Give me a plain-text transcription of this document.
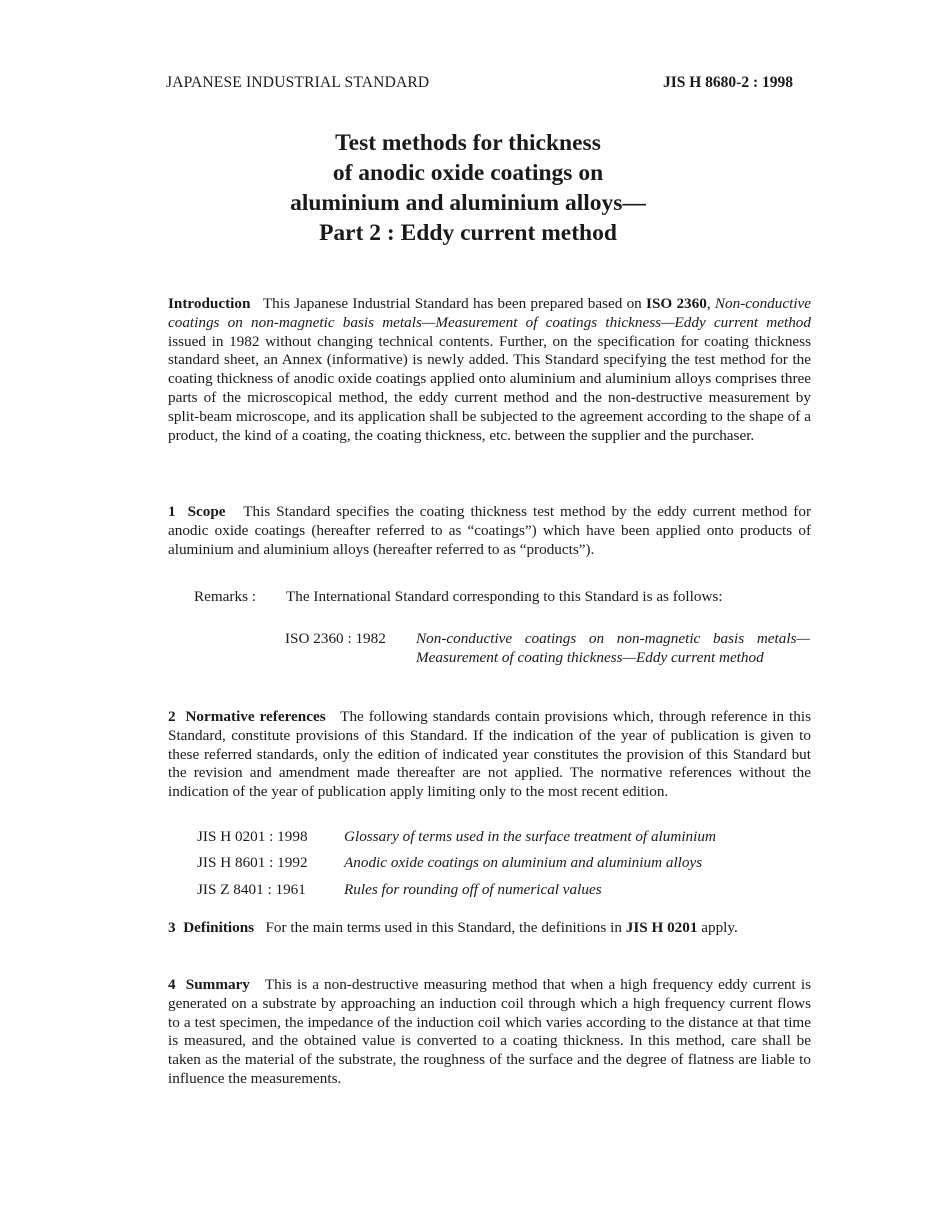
JAPANESE INDUSTRIAL STANDARD	JIS H 8680-2 : 1998
Test methods for thickness
of anodic oxide coatings on
aluminium and aluminium alloys—
Part 2 : Eddy current method

Introduction This Japanese Industrial Standard has been prepared based on ISO 2360, Non-conductive coatings on non-magnetic basis metals—Measurement of coatings thickness—Eddy current method issued in 1982 without changing technical contents. Further, on the specification for coating thickness standard sheet, an Annex (informative) is newly added. This Standard specifying the test method for the coating thickness of anodic oxide coatings applied onto aluminium and aluminium alloys comprises three parts of the microscopical method, the eddy current method and the non-destructive measurement by split-beam microscope, and its application shall be subjected to the agreement according to the shape of a product, the kind of a coating, the coating thickness, etc. between the supplier and the purchaser.

1 Scope This Standard specifies the coating thickness test method by the eddy current method for anodic oxide coatings (hereafter referred to as “coatings”) which have been applied onto products of aluminium and aluminium alloys (hereafter referred to as “products”).

Remarks : The International Standard corresponding to this Standard is as follows:
ISO 2360 : 1982 Non-conductive coatings on non-magnetic basis metals—Measurement of coating thickness—Eddy current method

2 Normative references The following standards contain provisions which, through reference in this Standard, constitute provisions of this Standard. If the indication of the year of publication is given to these referred standards, only the edition of indicated year constitutes the provision of this Standard but the revision and amendment made thereafter are not applied. The normative references without the indication of the year of publication apply limiting only to the most recent edition.

JIS H 0201 : 1998 Glossary of terms used in the surface treatment of aluminium
JIS H 8601 : 1992 Anodic oxide coatings on aluminium and aluminium alloys
JIS Z 8401 : 1961	Rules for rounding off of numerical values

3 Definitions For the main terms used in this Standard, the definitions in JIS H 0201 apply.

4 Summary This is a non-destructive measuring method that when a high frequency eddy current is generated on a substrate by approaching an induction coil through which a high frequency current flows to a test specimen, the impedance of the induction coil which varies according to the distance at that time is measured, and the obtained value is converted to a coating thickness. In this method, care shall be taken as the material of the substrate, the roughness of the surface and the degree of flatness are liable to influence the measurements.
